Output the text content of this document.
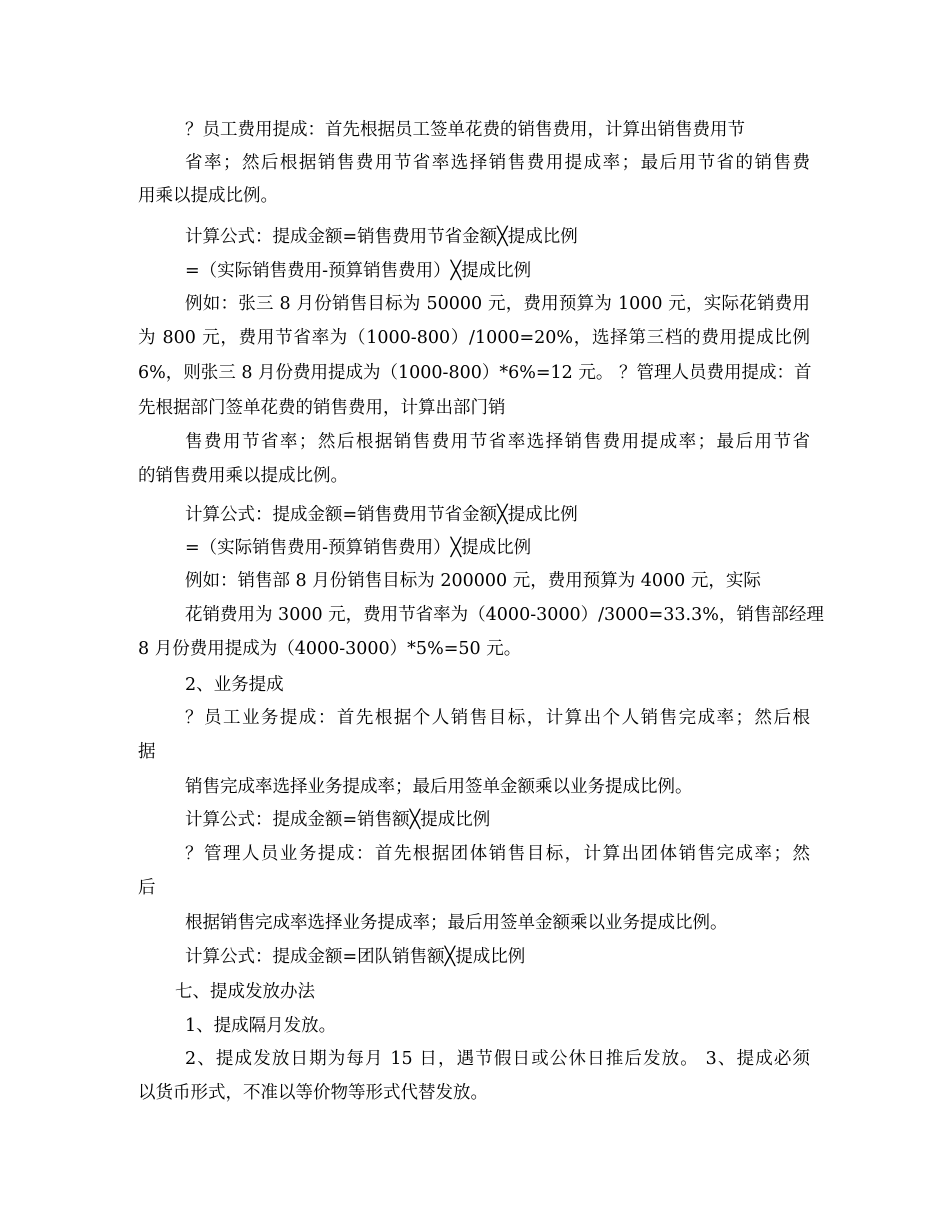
？员工费用提成：首先根据员工签单花费的销售费用，计算出销售费用节

省率；然后根据销售费用节省率选择销售费用提成率；最后用节省的销售费

用乘以提成比例。

计算公式：提成金额=销售费用节省金额╳提成比例

=（实际销售费用-预算销售费用）╳提成比例

例如：张三 8 月份销售目标为 50000 元，费用预算为 1000 元，实际花销费用

为 800 元，费用节省率为（1000-800）/1000=20%，选择第三档的费用提成比例

6%，则张三 8 月份费用提成为（1000-800）*6%=12 元。 ？管理人员费用提成：首

先根据部门签单花费的销售费用，计算出部门销

售费用节省率；然后根据销售费用节省率选择销售费用提成率；最后用节省

的销售费用乘以提成比例。

计算公式：提成金额=销售费用节省金额╳提成比例

=（实际销售费用-预算销售费用）╳提成比例

例如：销售部 8 月份销售目标为 200000 元，费用预算为 4000 元，实际

花销费用为 3000 元，费用节省率为（4000-3000）/3000=33.3%，销售部经理

8 月份费用提成为（4000-3000）*5%=50 元。

2、业务提成

？员工业务提成：首先根据个人销售目标，计算出个人销售完成率；然后根

据

销售完成率选择业务提成率；最后用签单金额乘以业务提成比例。

计算公式：提成金额=销售额╳提成比例

？管理人员业务提成：首先根据团体销售目标，计算出团体销售完成率；然

后

根据销售完成率选择业务提成率；最后用签单金额乘以业务提成比例。

计算公式：提成金额=团队销售额╳提成比例

七、提成发放办法

1、提成隔月发放。

2、提成发放日期为每月 15 日，遇节假日或公休日推后发放。 3、提成必须

以货币形式，不准以等价物等形式代替发放。
